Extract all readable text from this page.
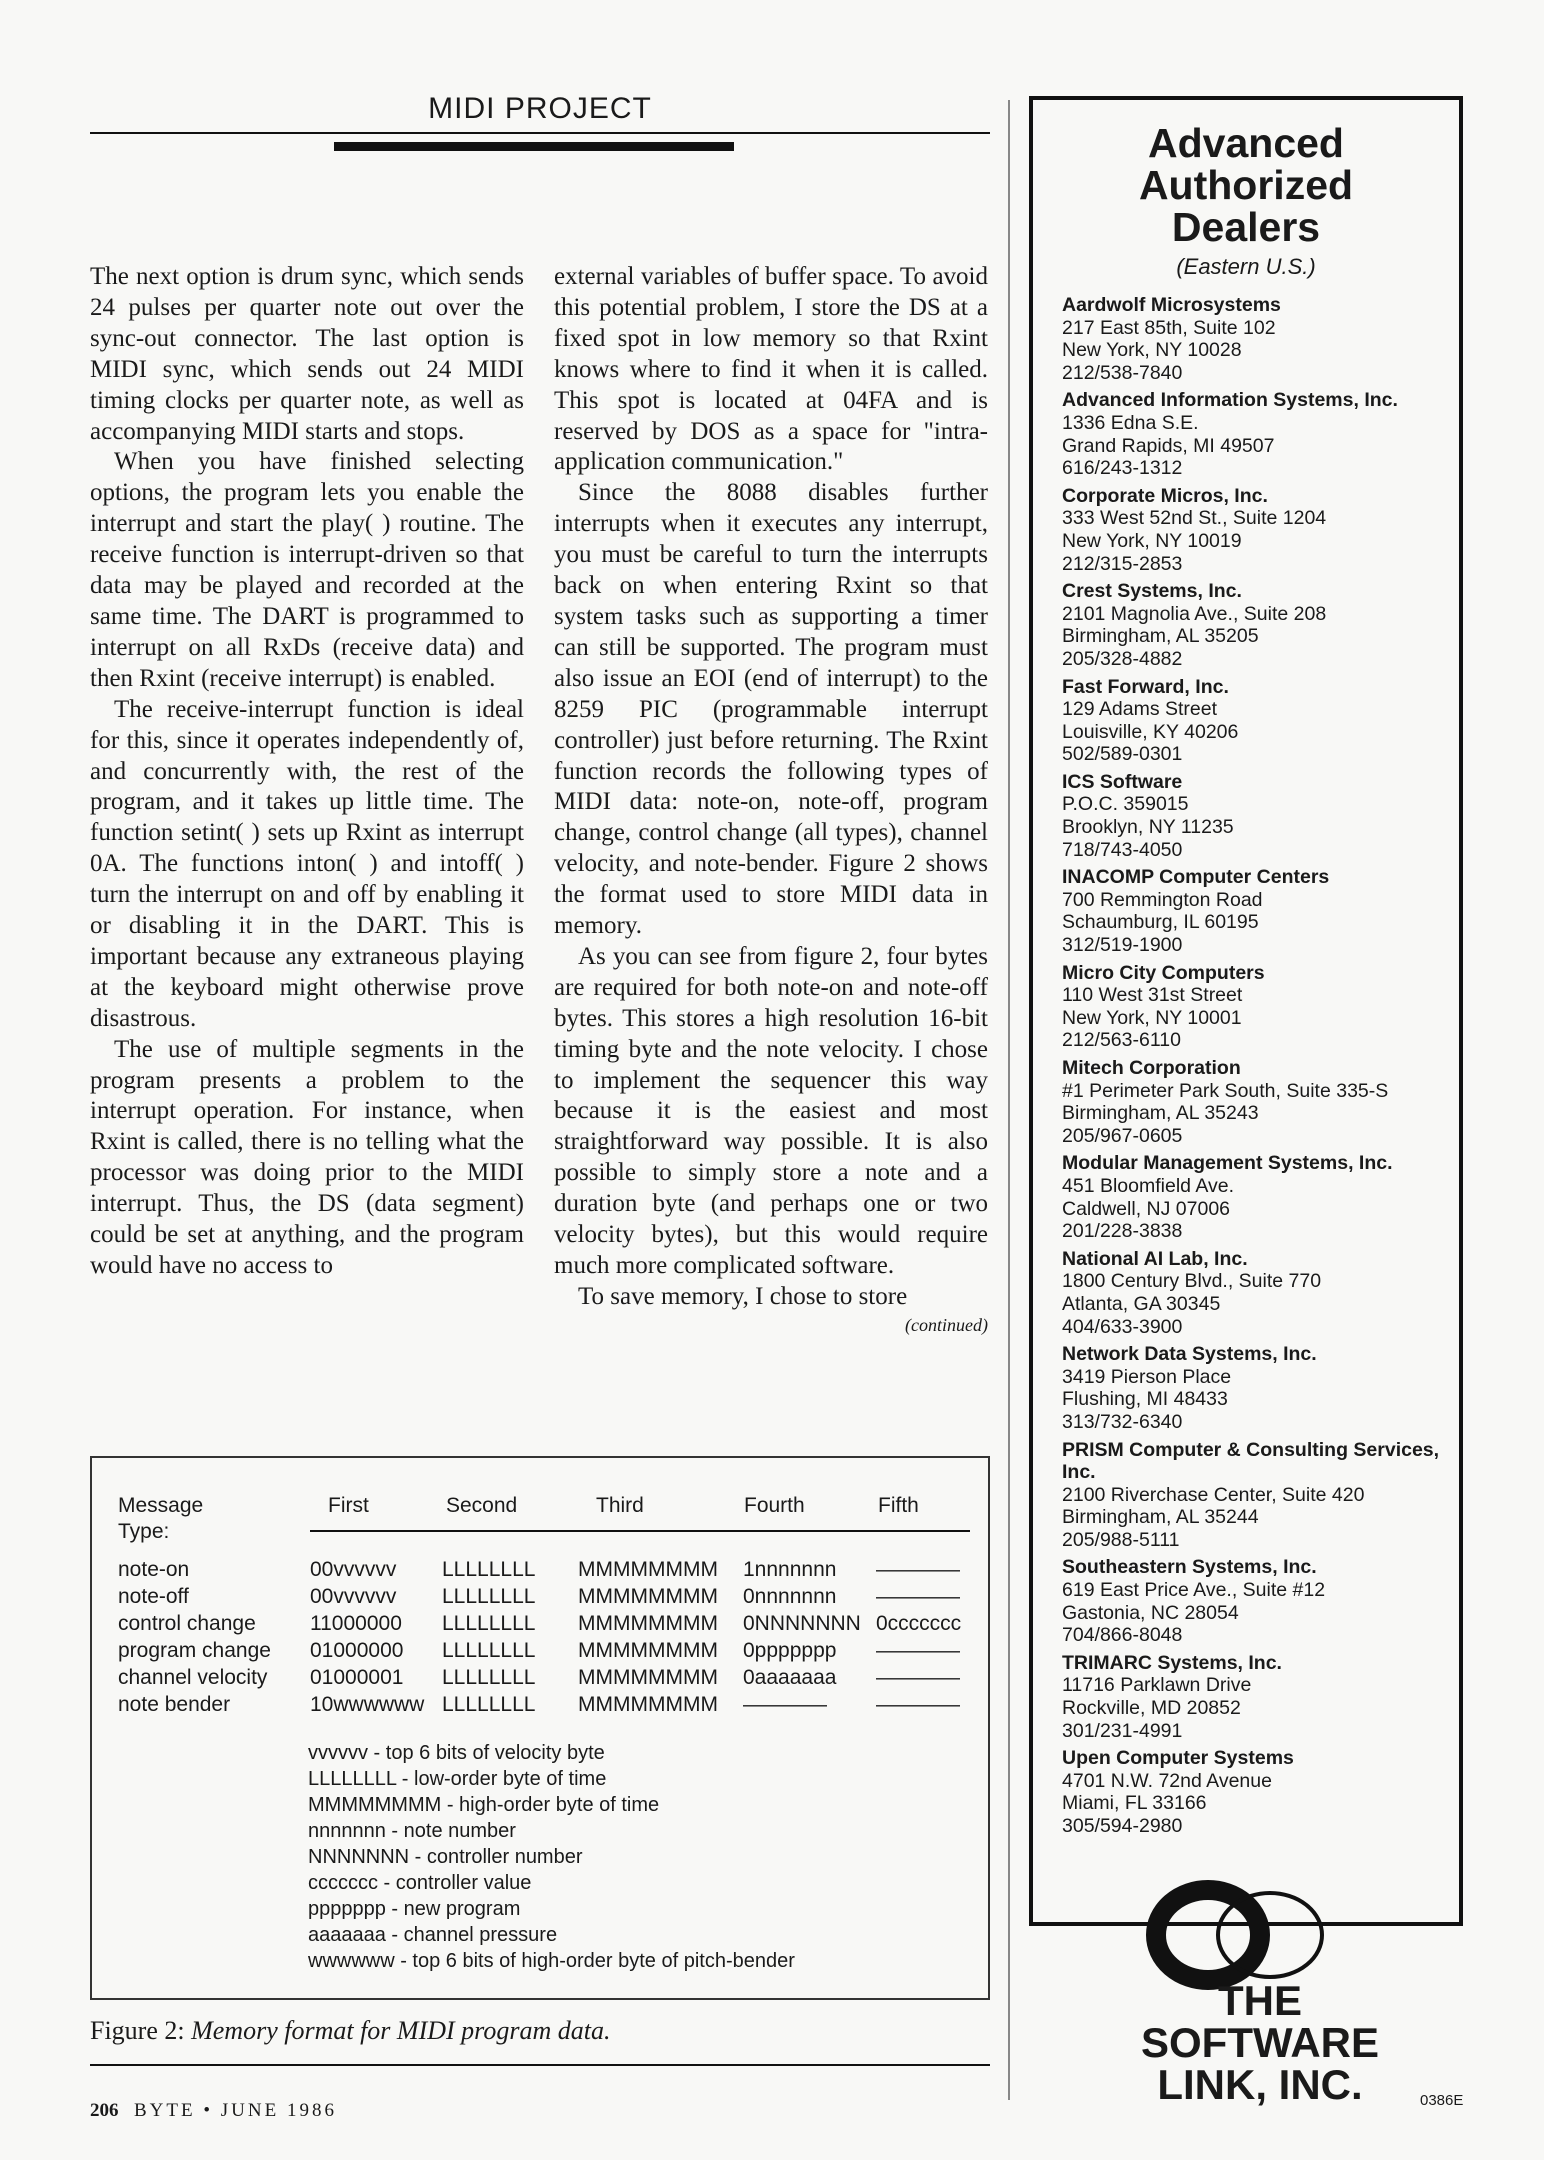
MIDI PROJECT

The next option is drum sync, which sends 24 pulses per quarter note out over the sync-out connector. The last option is MIDI sync, which sends out 24 MIDI timing clocks per quarter note, as well as accompanying MIDI starts and stops.

When you have finished selecting options, the program lets you enable the interrupt and start the play( ) routine. The receive function is interrupt-driven so that data may be played and recorded at the same time. The DART is programmed to interrupt on all RxDs (receive data) and then Rxint (receive interrupt) is enabled.

The receive-interrupt function is ideal for this, since it operates independently of, and concurrently with, the rest of the program, and it takes up little time. The function setint( ) sets up Rxint as interrupt 0A. The functions inton( ) and intoff( ) turn the interrupt on and off by enabling it or disabling it in the DART. This is important because any extraneous playing at the keyboard might otherwise prove disastrous.

The use of multiple segments in the program presents a problem to the interrupt operation. For instance, when Rxint is called, there is no telling what the processor was doing prior to the MIDI interrupt. Thus, the DS (data segment) could be set at anything, and the program would have no access to

external variables of buffer space. To avoid this potential problem, I store the DS at a fixed spot in low memory so that Rxint knows where to find it when it is called. This spot is located at 04FA and is reserved by DOS as a space for "intra-application communication."

Since the 8088 disables further interrupts when it executes any interrupt, you must be careful to turn the interrupts back on when entering Rxint so that system tasks such as supporting a timer can still be supported. The program must also issue an EOI (end of interrupt) to the 8259 PIC (programmable interrupt controller) just before returning. The Rxint function records the following types of MIDI data: note-on, note-off, program change, control change (all types), channel velocity, and note-bender. Figure 2 shows the format used to store MIDI data in memory.

As you can see from figure 2, four bytes are required for both note-on and note-off bytes. This stores a high resolution 16-bit timing byte and the note velocity. I chose to implement the sequencer this way because it is the easiest and most straightforward way possible. It is also possible to simply store a note and a duration byte (and perhaps one or two velocity bytes), but this would require much more complicated software.

To save memory, I chose to store

(continued)
Message	First	Second	Third	Fourth	Fifth
Type:
note-on	00vvvvvv LLLLLLLL MMMMMMMM 1nnnnnnn ————
note-off	00vvvvvv LLLLLLLL MMMMMMMM 0nnnnnnn ————
control change	11000000 LLLLLLLL MMMMMMMM 0NNNNNNN 0ccccccc
program change 01000000 LLLLLLLL MMMMMMMM 0ppppppp ————
channel velocity 01000001 LLLLLLLL MMMMMMMM 0aaaaaaa ————
note bender	10wwwwww LLLLLLLL MMMMMMMM ———— ————
vvvvvv - top 6 bits of velocity byte
LLLLLLLL - low-order byte of time
MMMMMMMM - high-order byte of time
nnnnnnn - note number
NNNNNNN - controller number
ccccccc - controller value
ppppppp - new program
aaaaaaa - channel pressure
wwwwww - top 6 bits of high-order byte of pitch-bender
Figure 2: Memory format for MIDI program data.
206 BYTE • JUNE 1986
Advanced
Authorized
Dealers
(Eastern U.S.)
Aardwolf Microsystems
217 East 85th, Suite 102
New York, NY 10028
212/538-7840
Advanced Information Systems, Inc.
1336 Edna S.E.
Grand Rapids, MI 49507
616/243-1312
Corporate Micros, Inc.
333 West 52nd St., Suite 1204
New York, NY 10019
212/315-2853
Crest Systems, Inc.
2101 Magnolia Ave., Suite 208
Birmingham, AL 35205
205/328-4882
Fast Forward, Inc.
129 Adams Street
Louisville, KY 40206
502/589-0301
ICS Software
P.O.C. 359015
Brooklyn, NY 11235
718/743-4050
INACOMP Computer Centers
700 Remmington Road
Schaumburg, IL 60195
312/519-1900
Micro City Computers
110 West 31st Street
New York, NY 10001
212/563-6110
Mitech Corporation
#1 Perimeter Park South, Suite 335-S
Birmingham, AL 35243
205/967-0605
Modular Management Systems, Inc.
451 Bloomfield Ave.
Caldwell, NJ 07006
201/228-3838
National AI Lab, Inc.
1800 Century Blvd., Suite 770
Atlanta, GA 30345
404/633-3900
Network Data Systems, Inc.
3419 Pierson Place
Flushing, MI 48433
313/732-6340
PRISM Computer & Consulting Services, Inc.
2100 Riverchase Center, Suite 420
Birmingham, AL 35244
205/988-5111
Southeastern Systems, Inc.
619 East Price Ave., Suite #12
Gastonia, NC 28054
704/866-8048
TRIMARC Systems, Inc.
11716 Parklawn Drive
Rockville, MD 20852
301/231-4991
Upen Computer Systems
4701 N.W. 72nd Avenue
Miami, FL 33166
305/594-2980
THE
SOFTWARE
LINK, INC.	0386E
